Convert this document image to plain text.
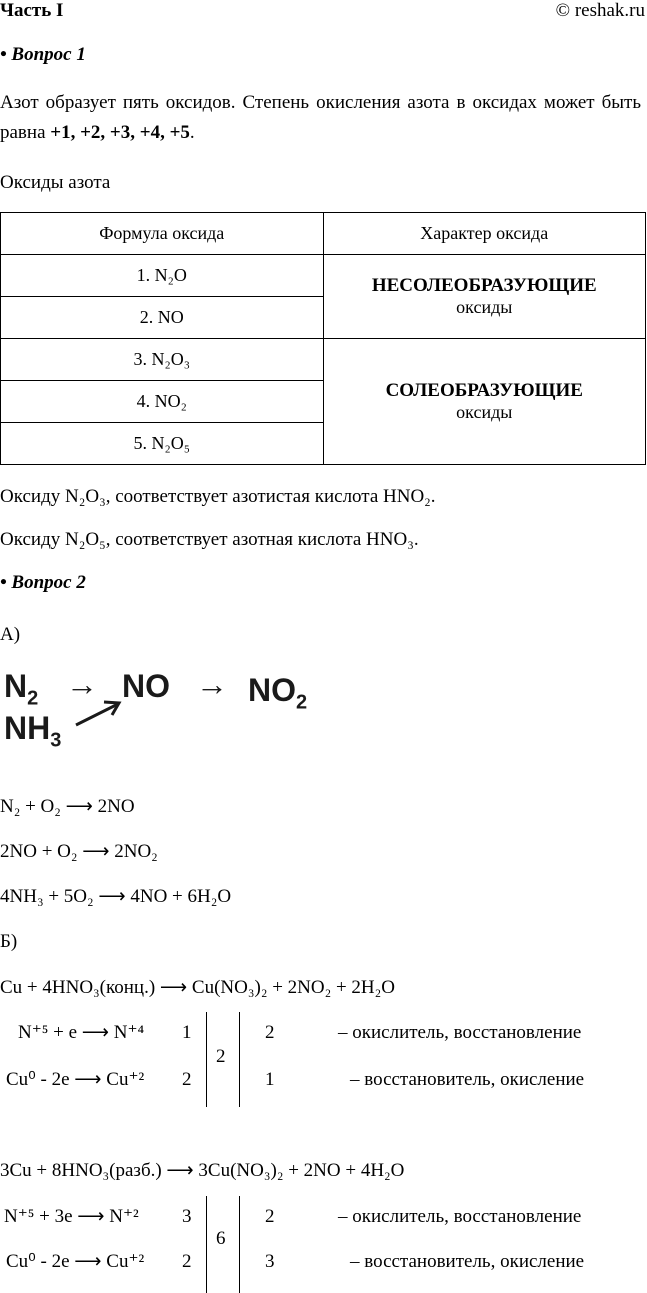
Часть I	© reshak.ru
• Вопрос 1
Азот образует пять оксидов. Степень окисления азота в оксидах может быть равна +1, +2, +3, +4, +5.
Оксиды азота
Формула оксида	Характер оксида
1. N₂O	НЕСОЛЕОБРАЗУЮЩИЕ
оксиды
2. NO	
3. N₂O₃	СОЛЕОБРАЗУЮЩИЕ
оксиды
4. NO₂	
5. N₂O₅	
Оксиду N₂O₃, соответствует азотистая кислота HNO₂.
Оксиду N₂O₅, соответствует азотная кислота HNO₃.
• Вопрос 2
А)
$N_2$ → NO → $NO_2$
$NH_3$
N₂ + O₂ ⟶ 2NO
2NO + O₂ ⟶ 2NO₂
4NH₃ + 5O₂ ⟶ 4NO + 6H₂O
Б)
Cu + 4HNO₃(конц.) ⟶ Cu(NO₃)₂ + 2NO₂ + 2H₂O
N⁺⁵ + e ⟶ N⁺⁴ 1	2	– окислитель, восстановление
Cu⁰ - 2e ⟶ Cu⁺² 2	1	– восстановитель, окисление
2
3Cu + 8HNO₃(разб.) ⟶ 3Cu(NO₃)₂ + 2NO + 4H₂O
N⁺⁵ + 3e ⟶ N⁺² 3	2	– окислитель, восстановление
Cu⁰ - 2e ⟶ Cu⁺² 2	3	– восстановитель, окисление
6
